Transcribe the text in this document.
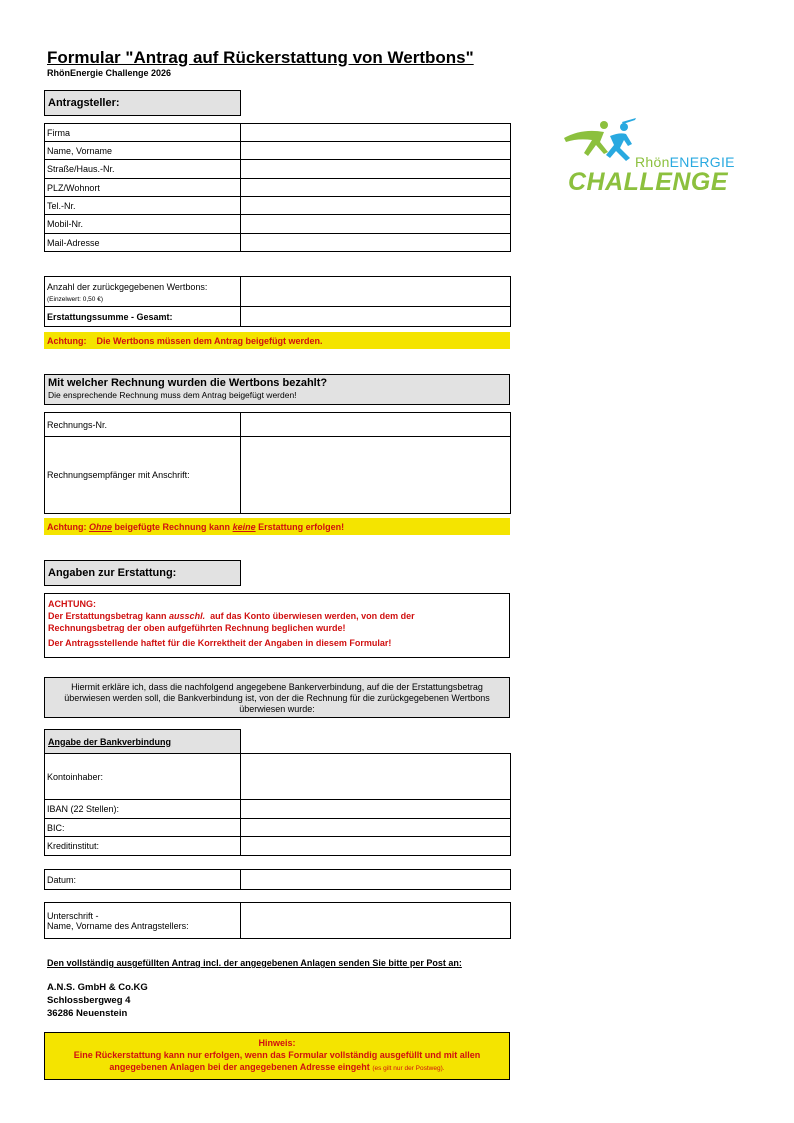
Formular "Antrag auf Rückerstattung von Wertbons"
RhönEnergie Challenge 2026
RhönENERGIE
CHALLENGE
Antragsteller:
Firma	
Name, Vorname	
Straße/Haus.-Nr.	
PLZ/Wohnort	
Tel.-Nr.	
Mobil-Nr.	
Mail-Adresse	
Anzahl der zurückgegebenen Wertbons:
(Einzelwert: 0,50 €)	

Erstattungssumme - Gesamt:	
Achtung: Die Wertbons müssen dem Antrag beigefügt werden.
Mit welcher Rechnung wurden die Wertbons bezahlt?
Die ensprechende Rechnung muss dem Antrag beigefügt werden!
Rechnungs-Nr.	
Rechnungsempfänger mit Anschrift:	
Achtung:
Ohne
beigefügte Rechnung kann
keine
Erstattung erfolgen!
Angaben zur Erstattung:
ACHTUNG:
Der Erstattungsbetrag kann ausschl. auf das Konto überwiesen werden, von dem der
Rechnungsbetrag der oben aufgeführten Rechnung beglichen wurde!
Der Antragsstellende haftet für die Korrektheit der Angaben in diesem Formular!
Hiermit erkläre ich, dass die nachfolgend angegebene Bankerverbindung, auf die der Erstattungsbetrag
überwiesen werden soll, die Bankverbindung ist, von der die Rechnung für die zurückgegebenen Wertbons
überwiesen wurde:
Angabe der Bankverbindung
Kontoinhaber:	
IBAN (22 Stellen):	
BIC:	
Kreditinstitut:	
Datum:	
Unterschrift -
Name, Vorname des Antragstellers:

Den vollständig ausgefüllten Antrag incl. der angegebenen Anlagen senden Sie bitte per Post an:
A.N.S. GmbH & Co.KG
Schlossbergweg 4
36286 Neuenstein
Hinweis:
Eine Rückerstattung kann nur erfolgen, wenn das Formular vollständig ausgefüllt und mit allen
angegebenen Anlagen bei der angegebenen Adresse eingeht (es gilt nur der Postweg).
